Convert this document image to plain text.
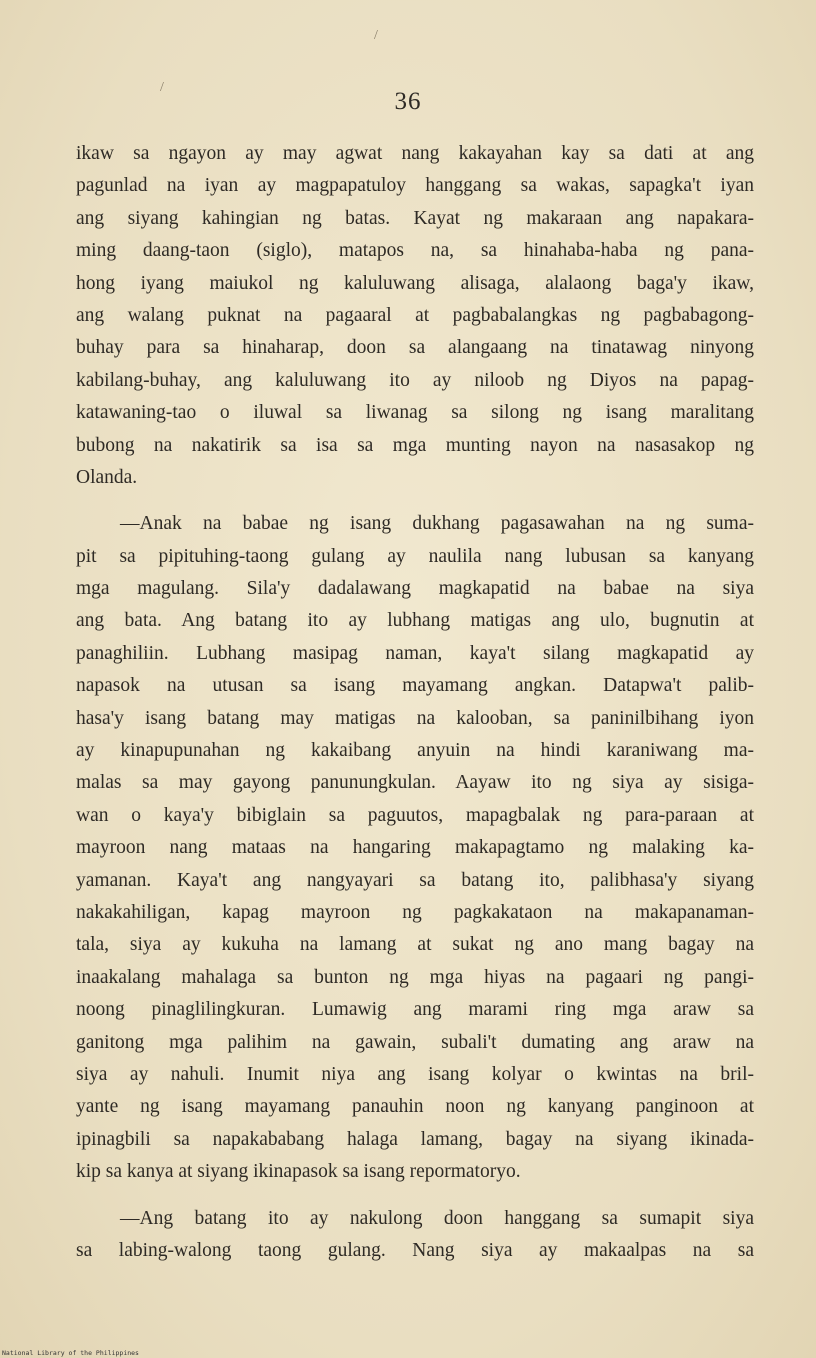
36
ikaw sa ngayon ay may agwat nang kakayahan kay sa dati at ang
pagunlad na iyan ay magpapatuloy hanggang sa wakas, sapagka't iyan
ang siyang kahingian ng batas. Kayat ng makaraan ang napakara-
ming daang-taon (siglo), matapos na, sa hinahaba-haba ng pana-
hong iyang maiukol ng kaluluwang alisaga, alalaong baga'y ikaw,
ang walang puknat na pagaaral at pagbabalangkas ng pagbabagong-
buhay para sa hinaharap, doon sa alangaang na tinatawag ninyong
kabilang-buhay, ang kaluluwang ito ay niloob ng Diyos na papag-
katawaning-tao o iluwal sa liwanag sa silong ng isang maralitang
bubong na nakatirik sa isa sa mga munting nayon na nasasakop ng
Olanda.
—Anak na babae ng isang dukhang pagasawahan na ng suma-
pit sa pipituhing-taong gulang ay naulila nang lubusan sa kanyang
mga magulang. Sila'y dadalawang magkapatid na babae na siya
ang bata. Ang batang ito ay lubhang matigas ang ulo, bugnutin at
panaghiliin. Lubhang masipag naman, kaya't silang magkapatid ay
napasok na utusan sa isang mayamang angkan. Datapwa't palib-
hasa'y isang batang may matigas na kalooban, sa paninilbihang iyon
ay kinapupunahan ng kakaibang anyuin na hindi karaniwang ma-
malas sa may gayong panunungkulan. Aayaw ito ng siya ay sisiga-
wan o kaya'y bibiglain sa paguutos, mapagbalak ng para-paraan at
mayroon nang mataas na hangaring makapagtamo ng malaking ka-
yamanan. Kaya't ang nangyayari sa batang ito, palibhasa'y siyang
nakakahiligan, kapag mayroon ng pagkakataon na makapanaman-
tala, siya ay kukuha na lamang at sukat ng ano mang bagay na
inaakalang mahalaga sa bunton ng mga hiyas na pagaari ng pangi-
noong pinaglilingkuran. Lumawig ang marami ring mga araw sa
ganitong mga palihim na gawain, subali't dumating ang araw na
siya ay nahuli. Inumit niya ang isang kolyar o kwintas na bril-
yante ng isang mayamang panauhin noon ng kanyang panginoon at
ipinagbili sa napakababang halaga lamang, bagay na siyang ikinada-
kip sa kanya at siyang ikinapasok sa isang repormatoryo.
—Ang batang ito ay nakulong doon hanggang sa sumapit siya
sa labing-walong taong gulang. Nang siya ay makaalpas na sa
/
/
National Library of the Philippines
